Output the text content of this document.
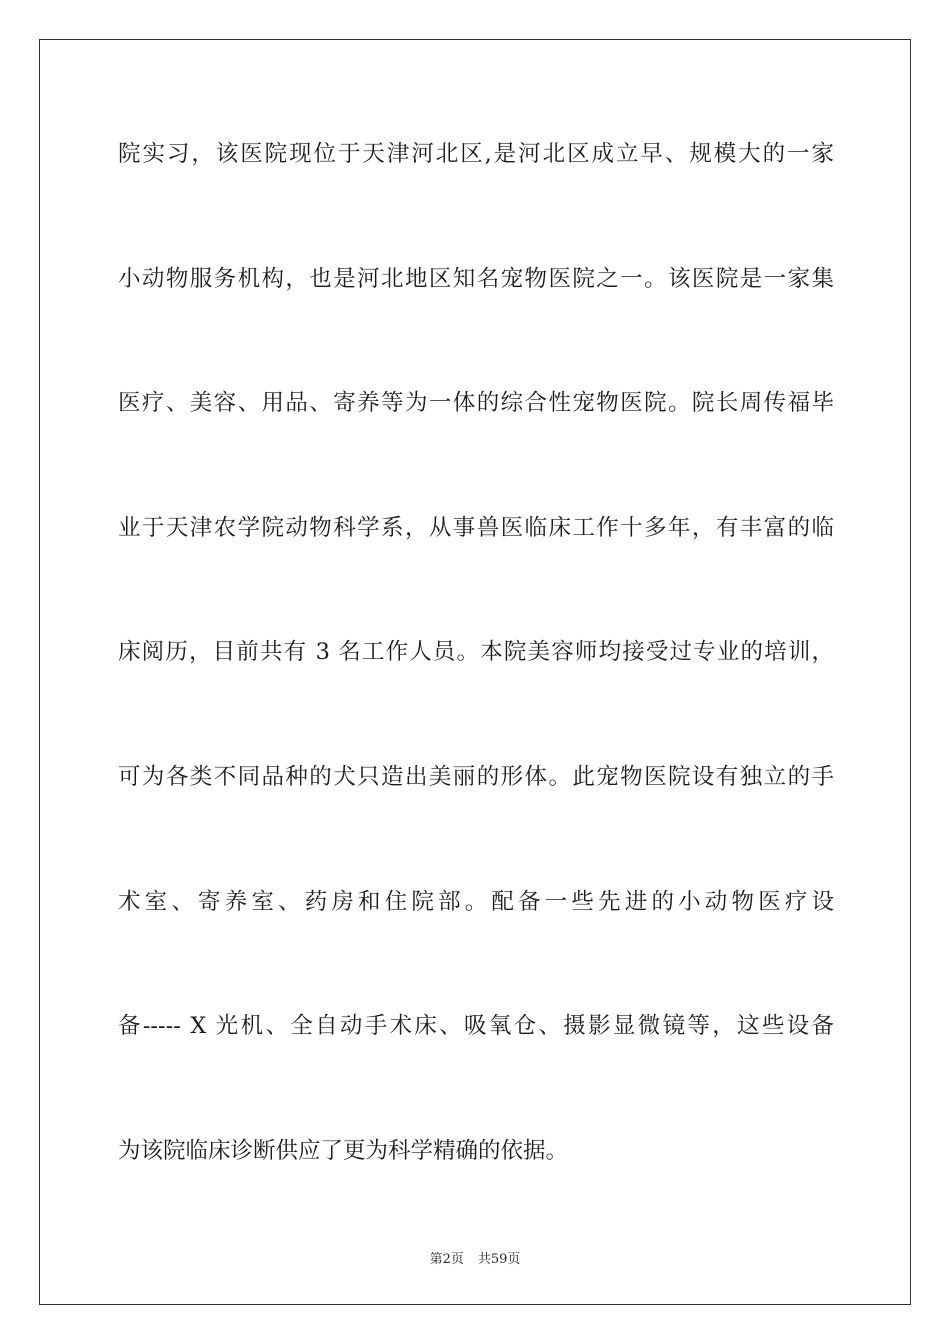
院实习，该医院现位于天津河北区,是河北区成立早、规模大的一家
小动物服务机构，也是河北地区知名宠物医院之一。该医院是一家集
医疗、美容、用品、寄养等为一体的综合性宠物医院。院长周传福毕
业于天津农学院动物科学系，从事兽医临床工作十多年，有丰富的临
床阅历，目前共有 3 名工作人员。本院美容师均接受过专业的培训，
可为各类不同品种的犬只造出美丽的形体。此宠物医院设有独立的手
术室、寄养室、药房和住院部。配备一些先进的小动物医疗设
备----- X 光机、全自动手术床、吸氧仓、摄影显微镜等，这些设备
为该院临床诊断供应了更为科学精确的依据。
第2页 共59页
